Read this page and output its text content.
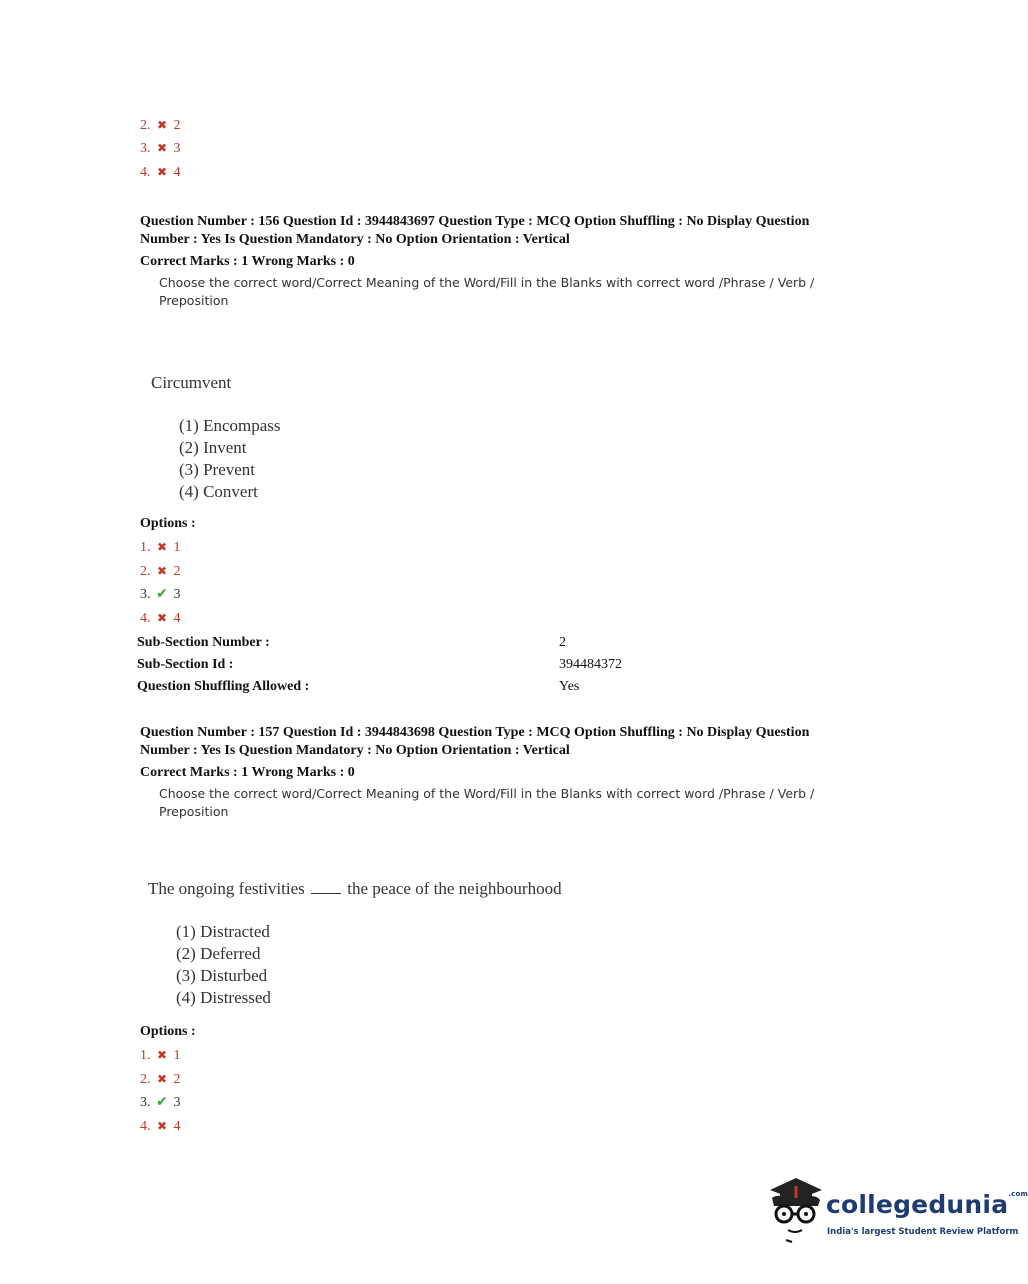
2. ✖ 2
3. ✖ 3
4. ✖ 4
Question Number : 156 Question Id : 3944843697 Question Type : MCQ Option Shuffling : No Display Question
Number : Yes Is Question Mandatory : No Option Orientation : Vertical
Correct Marks : 1 Wrong Marks : 0
Choose the correct word/Correct Meaning of the Word/Fill in the Blanks with correct word /Phrase / Verb /
Preposition
Circumvent
(1) Encompass
(2) Invent
(3) Prevent
(4) Convert
Options :
1. ✖ 1
2. ✖ 2
3. ✔ 3
4. ✖ 4
Sub-Section Number :	2
Sub-Section Id :	394484372
Question Shuffling Allowed :	Yes
Question Number : 157 Question Id : 3944843698 Question Type : MCQ Option Shuffling : No Display Question
Number : Yes Is Question Mandatory : No Option Orientation : Vertical
Correct Marks : 1 Wrong Marks : 0
Choose the correct word/Correct Meaning of the Word/Fill in the Blanks with correct word /Phrase / Verb /
Preposition
The ongoing festivities	the peace of the neighbourhood
(1) Distracted
(2) Deferred
(3) Disturbed
(4) Distressed
Options :
1. ✖ 1
2. ✖ 2
3. ✔ 3
4. ✖ 4
collegedunia$^{.com}$
India's largest Student Review Platform
